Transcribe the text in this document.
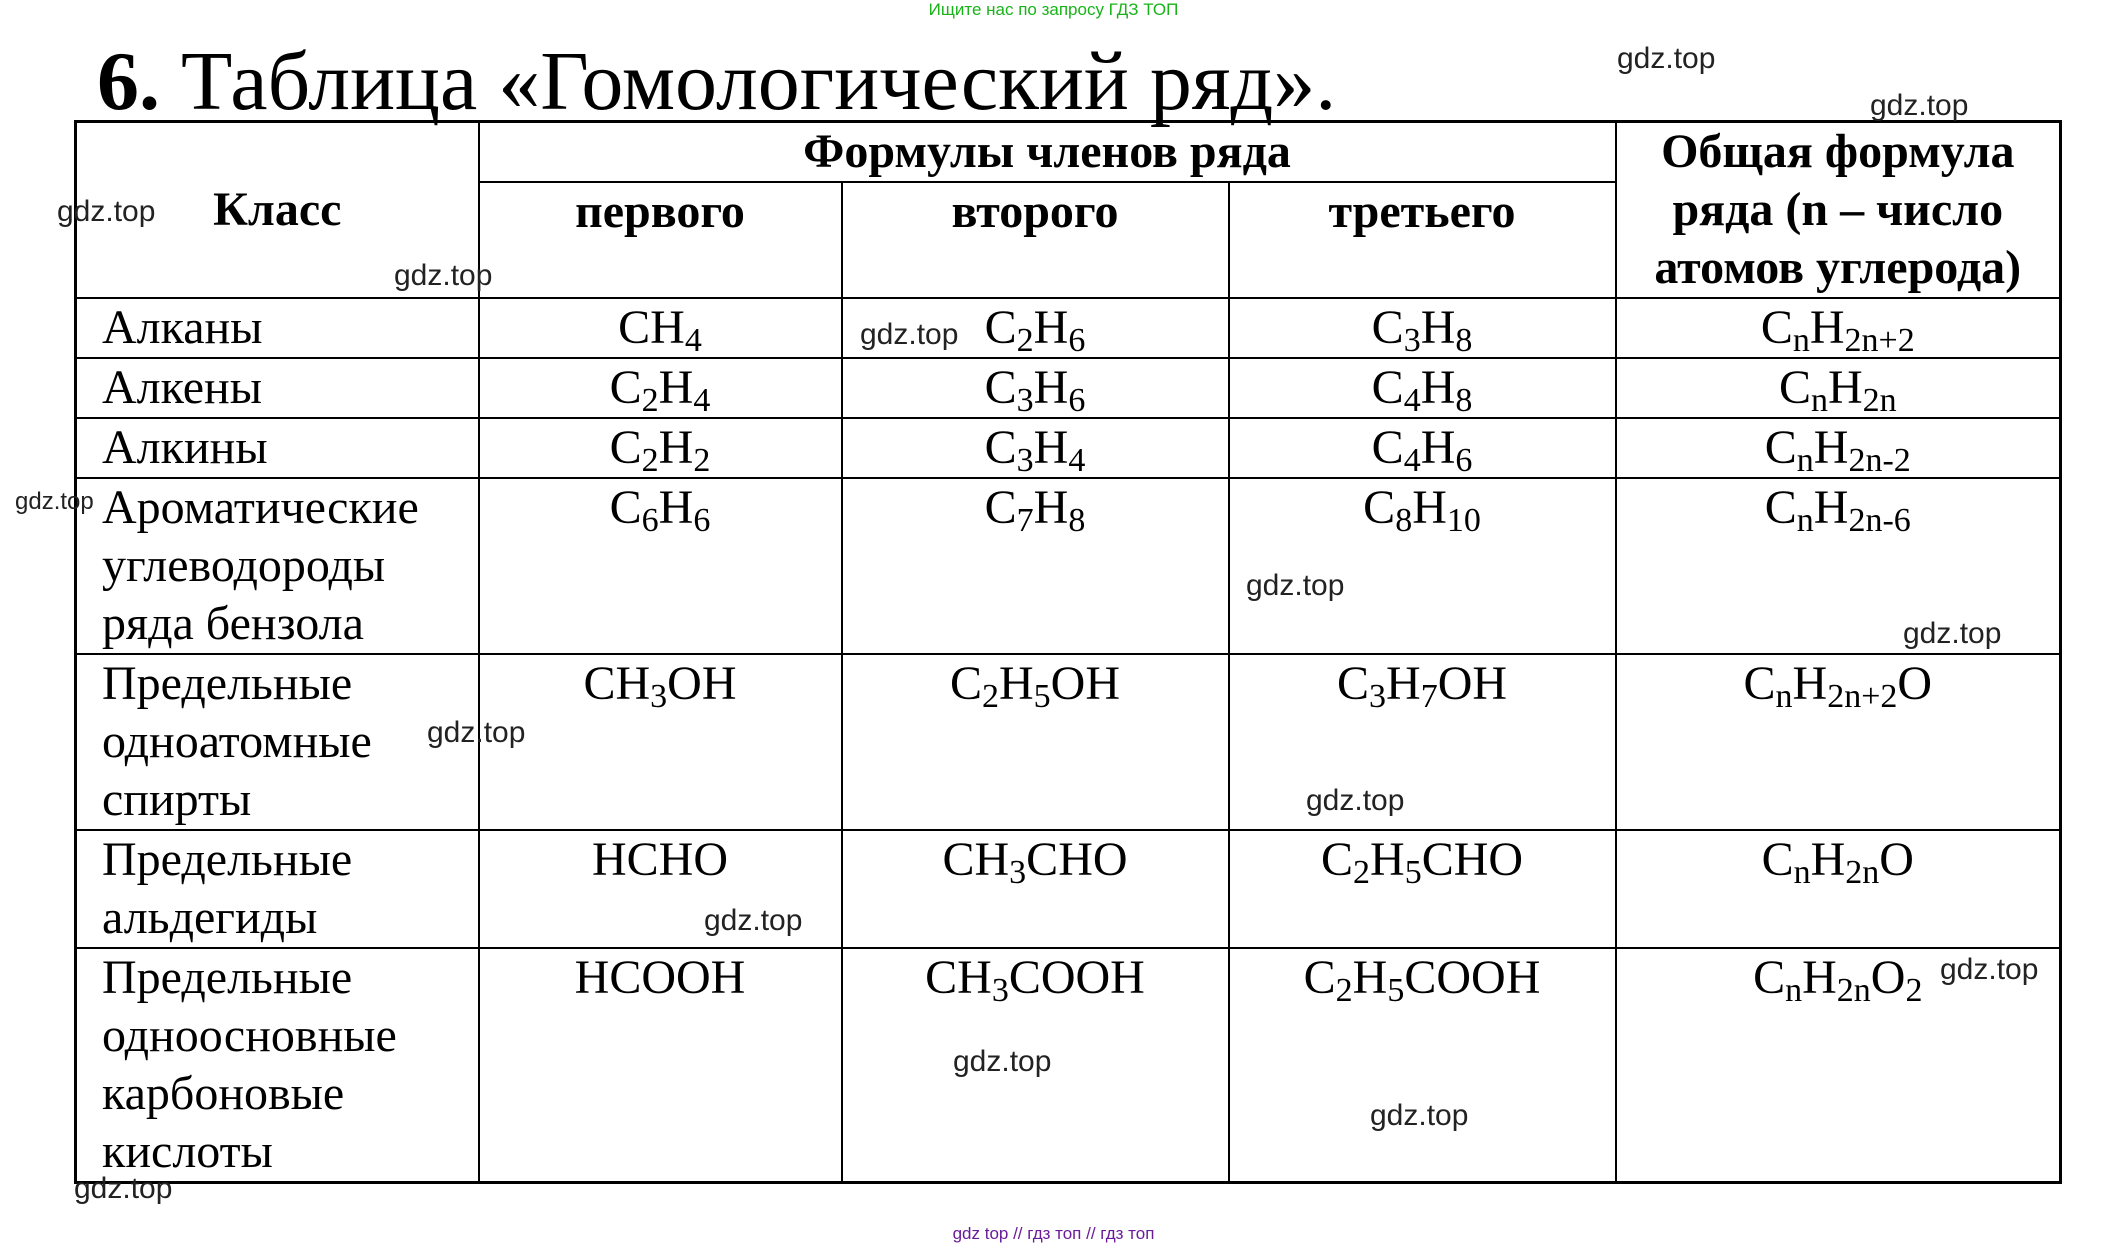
Ищите нас по запросу ГДЗ ТОП
6. Таблица «Гомологический ряд».
Класс	Формулы членов ряда			Общая формула
ряда (n – число
атомов углерода)

	первого	второго	третьего	

Алканы	$CH_4$	$C_2H_6$	$C_3H_8$	$C_nH_{2n+2}$

Алкены	$C_2H_4$	$C_3H_6$	$C_4H_8$	$C_nH_{2n}$

Алкины	$C_2H_2$	$C_3H_4$	$C_4H_6$	$C_nH_{2n-2}$

Ароматические
углеводороды
ряда бензола	$C_6H_6$	$C_7H_8$	$C_8H_{10}$	$C_nH_{2n-6}$

Предельные
одноатомные
спирты	$CH_3OH$	$C_2H_5OH$	$C_3H_7OH$	$C_nH_{2n+2}O$

Предельные
альдегиды	HCHO	$CH_3CHO$	$C_2H_5CHO$	$C_nH_{2n}O$

Предельные
одноосновные
карбоновые
кислоты	HCOOH	$CH_3COOH$	$C_2H_5COOH$	$C_nH_{2n}O_2$
gdz.top
gdz.top
gdz.top
gdz.top
gdz.top
gdz.top
gdz.top
gdz.top
gdz.top
gdz.top
gdz.top
gdz.top
gdz.top
gdz.top
gdz.top
gdz top // гдз топ // гдз топ
